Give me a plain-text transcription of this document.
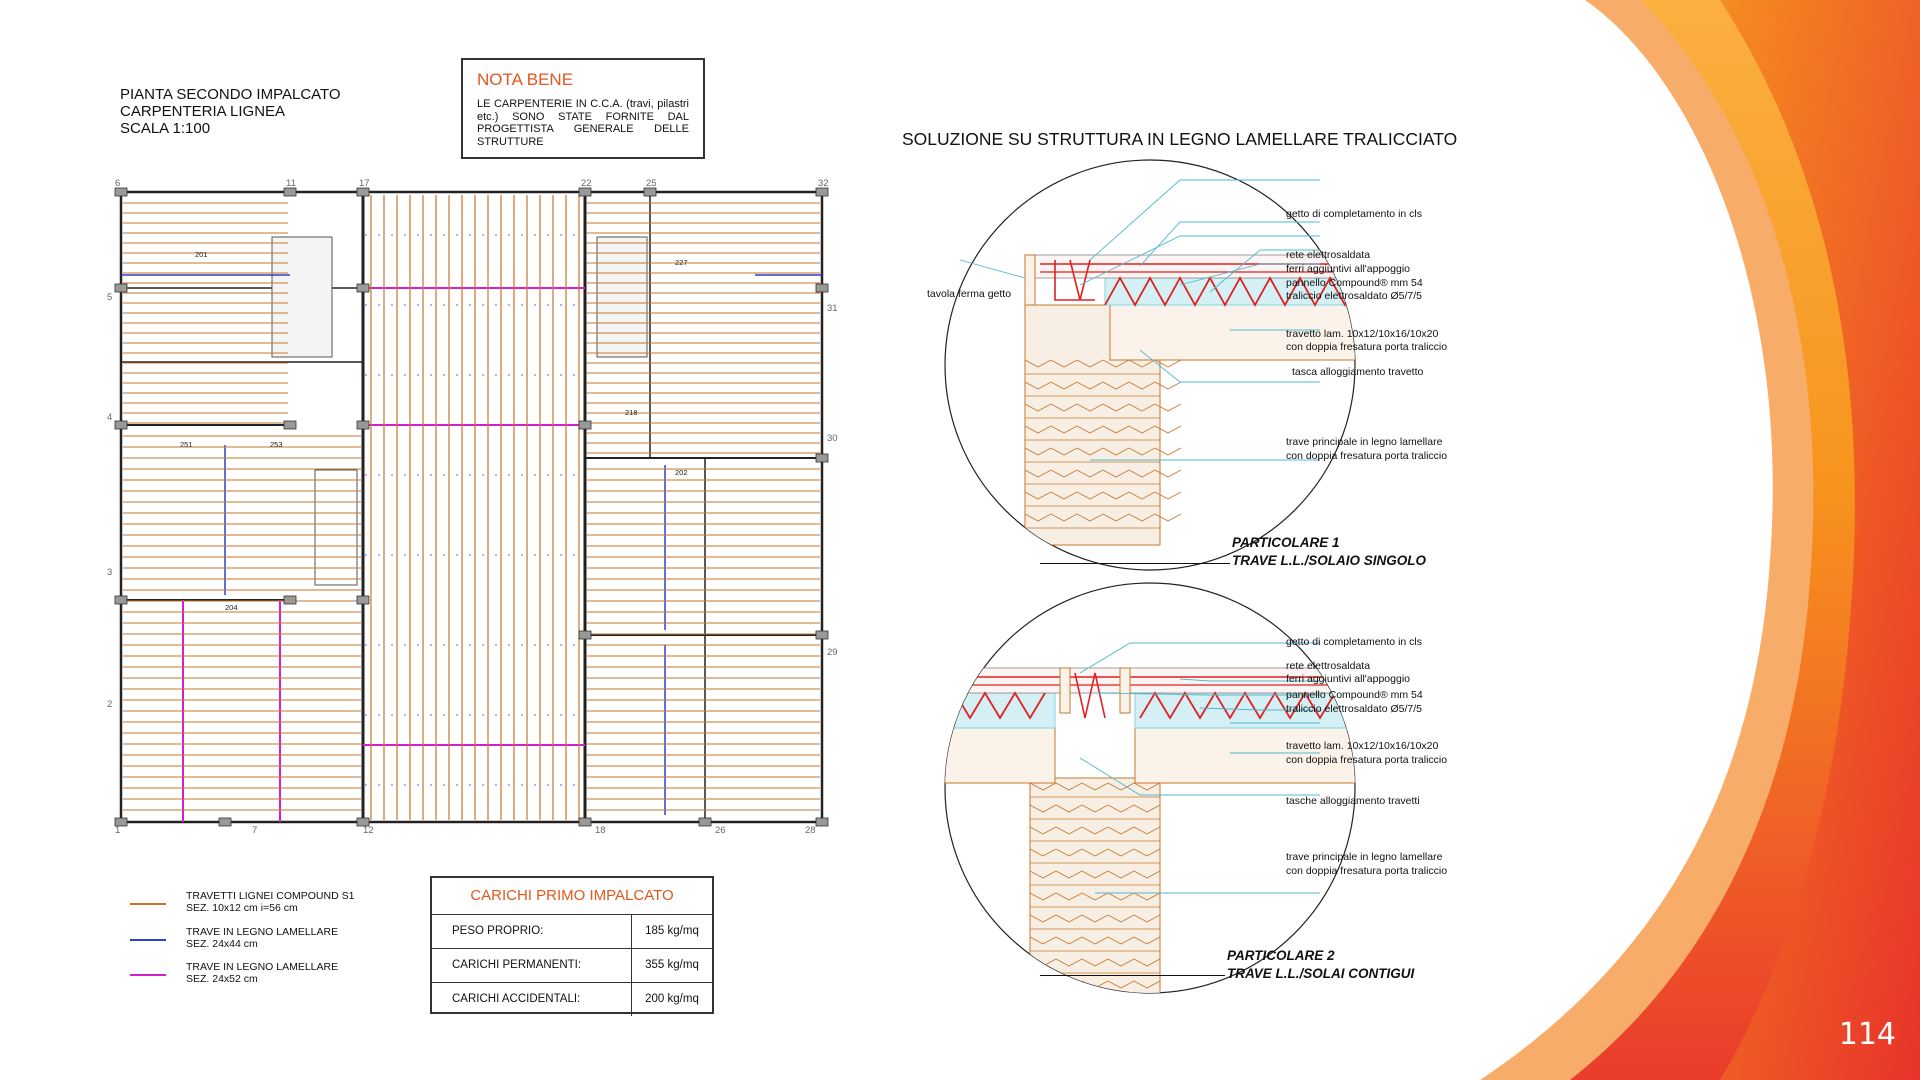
PIANTA SECONDO IMPALCATO
CARPENTERIA LIGNEA
SCALA 1:100
NOTA BENE
LE CARPENTERIE IN C.C.A. (travi, pilastri etc.) SONO STATE FORNITE DAL PROGETTISTA GENERALE DELLE STRUTTURE
6	11	17	22	25	32
1	7	12	18	26	28
5
4
3
2
31
30
29
201
251	253
204
202
227
218
TRAVETTI LIGNEI COMPOUND S1
SEZ. 10x12 cm i=56 cm
TRAVE IN LEGNO LAMELLARE
SEZ. 24x44 cm
TRAVE IN LEGNO LAMELLARE
SEZ. 24x52 cm
CARICHI PRIMO IMPALCATO
PESO PROPRIO:	185 kg/mq
CARICHI PERMANENTI:	355 kg/mq
CARICHI ACCIDENTALI:	200 kg/mq
SOLUZIONE SU STRUTTURA IN LEGNO LAMELLARE TRALICCIATO
tavola ferma getto
getto di completamento in cls
rete elettrosaldata
ferri aggiuntivi all'appoggio
pannello Compound® mm 54
traliccio elettrosaldato Ø5/7/5
travetto lam. 10x12/10x16/10x20
con doppia fresatura porta traliccio
tasca alloggiamento travetto
trave principale in legno lamellare
con doppia fresatura porta traliccio
PARTICOLARE 1
TRAVE L.L./SOLAIO SINGOLO
getto di completamento in cls
rete elettrosaldata
ferri aggiuntivi all'appoggio
pannello Compound® mm 54
traliccio elettrosaldato Ø5/7/5
travetto lam. 10x12/10x16/10x20
con doppia fresatura porta traliccio
tasche alloggiamento travetti
trave principale in legno lamellare
con doppia fresatura porta traliccio
PARTICOLARE 2
TRAVE L.L./SOLAI CONTIGUI
114
